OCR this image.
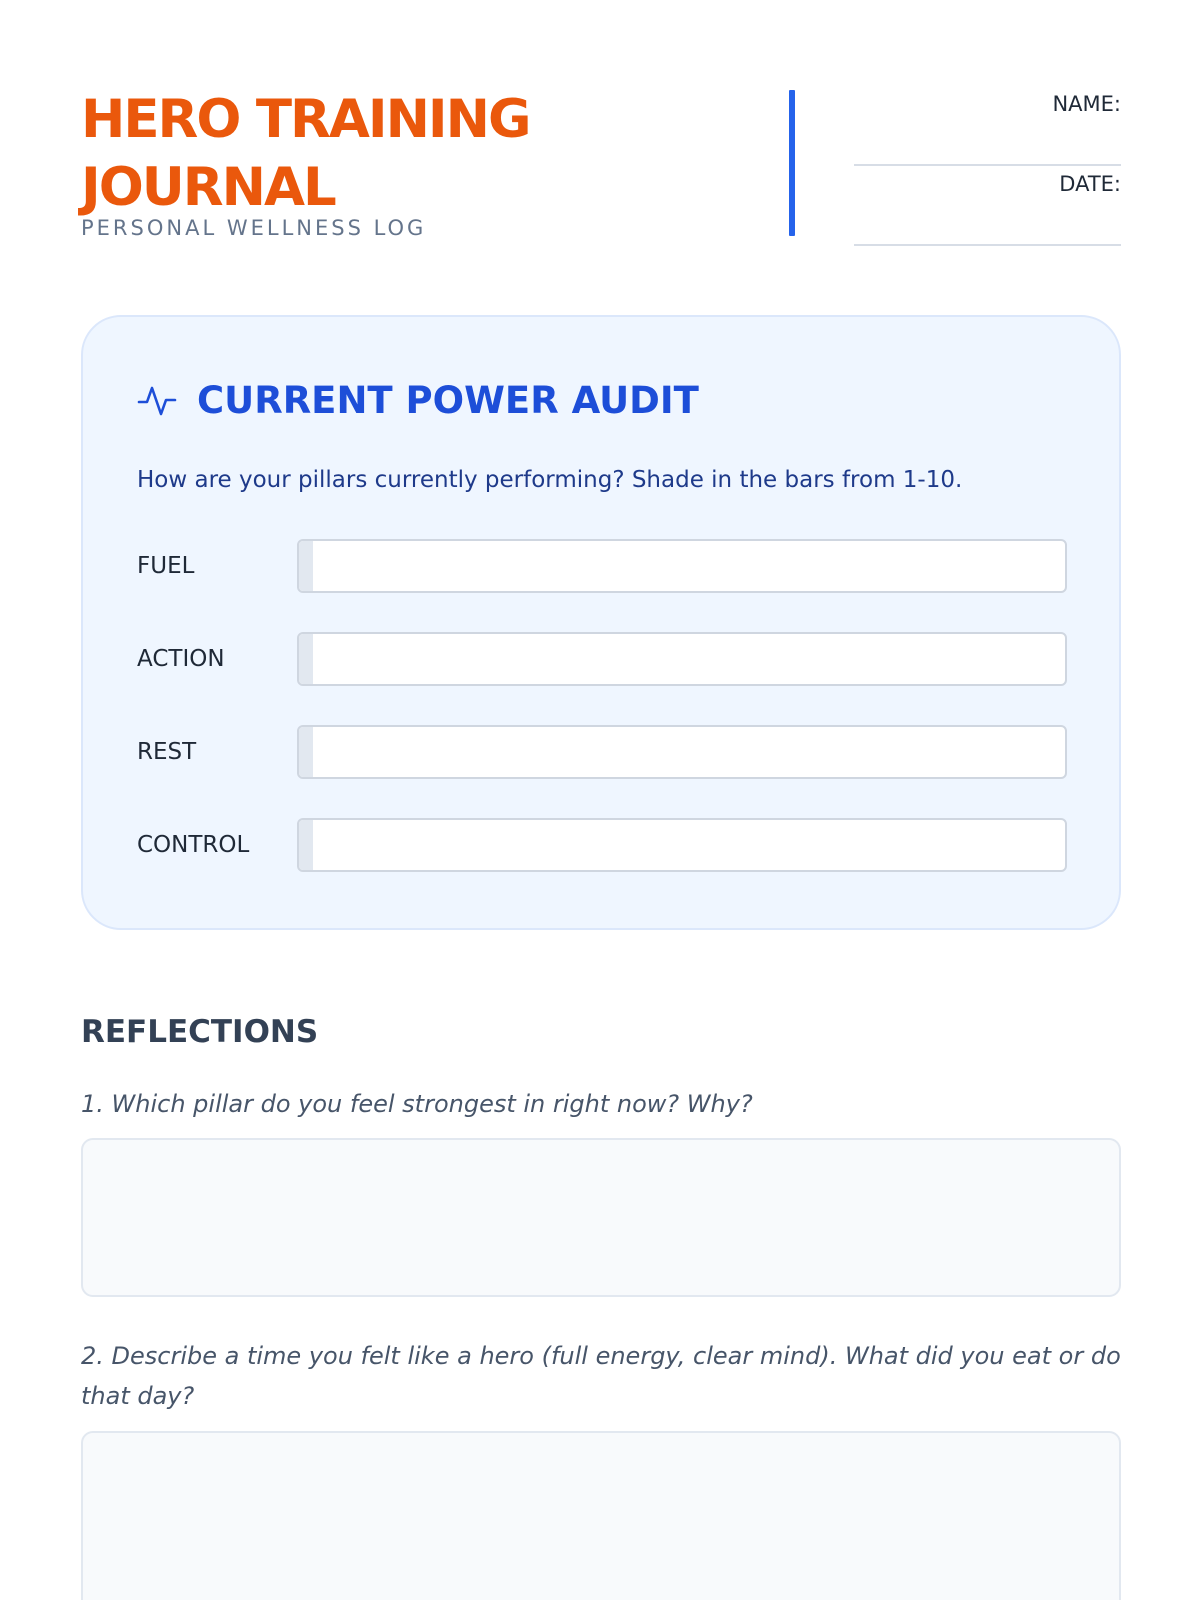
HERO TRAINING JOURNAL
PERSONAL WELLNESS LOG
NAME:
DATE:
CURRENT POWER AUDIT
How are your pillars currently performing? Shade in the bars from 1-10.
FUEL
ACTION
REST
CONTROL
REFLECTIONS
1. Which pillar do you feel strongest in right now? Why?
2. Describe a time you felt like a hero (full energy, clear mind). What did you eat or do that day?
